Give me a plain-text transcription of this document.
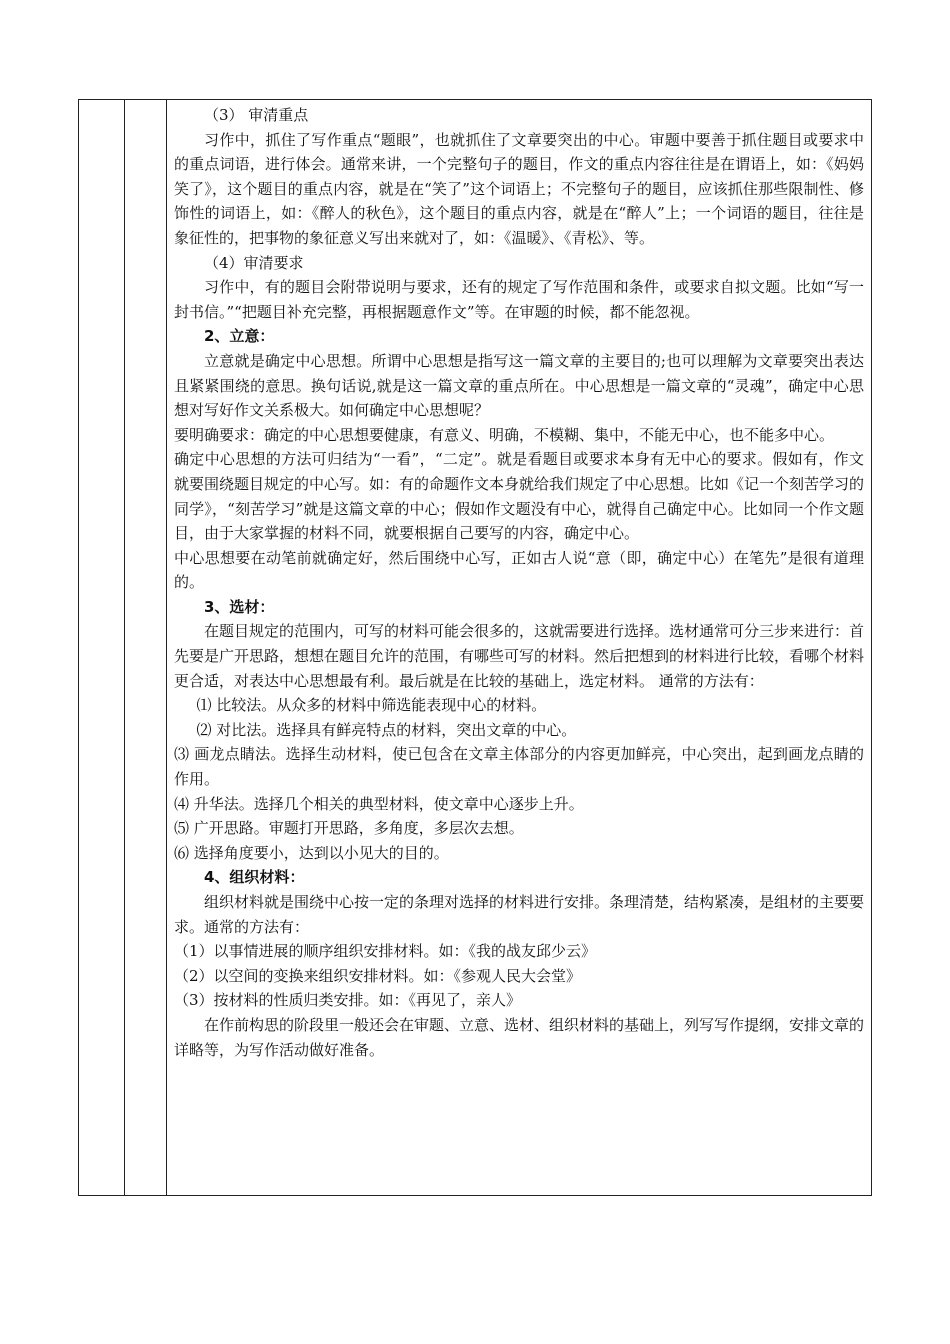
（3） 审清重点

习作中，抓住了写作重点“题眼”，也就抓住了文章要突出的中心。审题中要善于抓住题目或要求中的重点词语，进行体会。通常来讲，一个完整句子的题目，作文的重点内容往往是在谓语上，如：《妈妈笑了》，这个题目的重点内容，就是在“笑了”这个词语上；不完整句子的题目，应该抓住那些限制性、修饰性的词语上，如：《醉人的秋色》，这个题目的重点内容，就是在“醉人”上；一个词语的题目，往往是象征性的，把事物的象征意义写出来就对了，如：《温暖》、《青松》、等。

（4）审清要求

习作中，有的题目会附带说明与要求，还有的规定了写作范围和条件，或要求自拟文题。比如“写一封书信。”“把题目补充完整，再根据题意作文”等。在审题的时候，都不能忽视。

2、立意：

立意就是确定中心思想。所谓中心思想是指写这一篇文章的主要目的;也可以理解为文章要突出表达且紧紧围绕的意思。换句话说,就是这一篇文章的重点所在。中心思想是一篇文章的“灵魂”，确定中心思想对写好作文关系极大。如何确定中心思想呢？

要明确要求：确定的中心思想要健康，有意义、明确，不模糊、集中，不能无中心，也不能多中心。

确定中心思想的方法可归结为“一看”，“二定”。就是看题目或要求本身有无中心的要求。假如有，作文就要围绕题目规定的中心写。如：有的命题作文本身就给我们规定了中心思想。比如《记一个刻苦学习的同学》，“刻苦学习”就是这篇文章的中心；假如作文题没有中心，就得自己确定中心。比如同一个作文题目，由于大家掌握的材料不同，就要根据自己要写的内容，确定中心。

中心思想要在动笔前就确定好，然后围绕中心写，正如古人说“意（即，确定中心）在笔先”是很有道理的。

3、选材：

在题目规定的范围内，可写的材料可能会很多的，这就需要进行选择。选材通常可分三步来进行：首先要是广开思路，想想在题目允许的范围，有哪些可写的材料。然后把想到的材料进行比较，看哪个材料更合适，对表达中心思想最有利。最后就是在比较的基础上，选定材料。 通常的方法有：

⑴ 比较法。从众多的材料中筛选能表现中心的材料。

⑵ 对比法。选择具有鲜亮特点的材料，突出文章的中心。

⑶ 画龙点睛法。选择生动材料，使已包含在文章主体部分的内容更加鲜亮，中心突出，起到画龙点睛的作用。

⑷ 升华法。选择几个相关的典型材料，使文章中心逐步上升。

⑸ 广开思路。审题打开思路，多角度，多层次去想。

⑹ 选择角度要小，达到以小见大的目的。

4、组织材料：

组织材料就是围绕中心按一定的条理对选择的材料进行安排。条理清楚，结构紧凑，是组材的主要要求。通常的方法有：

（1）以事情进展的顺序组织安排材料。如：《我的战友邱少云》

（2）以空间的变换来组织安排材料。如：《参观人民大会堂》

（3）按材料的性质归类安排。如：《再见了，亲人》

在作前构思的阶段里一般还会在审题、立意、选材、组织材料的基础上，列写写作提纲，安排文章的详略等，为写作活动做好准备。
